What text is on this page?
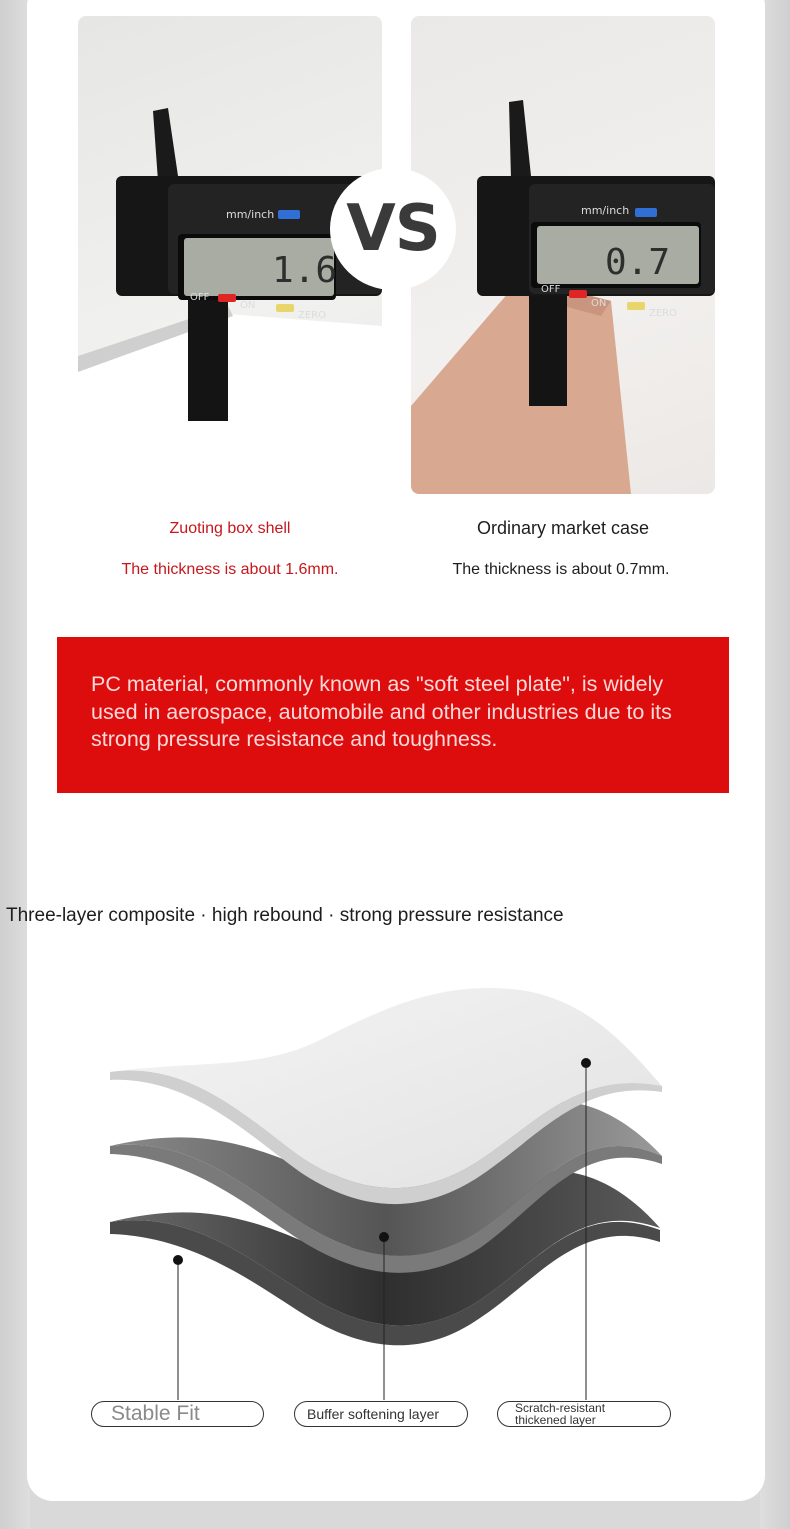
mm/inch
1.6
OFF
ON
ZERO
mm/inch
0.7
OFF
ON
ZERO
VS
Zuoting box shell
The thickness is about 1.6mm.
Ordinary market case
The thickness is about 0.7mm.
PC material, commonly known as "soft steel plate", is widely used in aerospace, automobile and other industries due to its strong pressure resistance and toughness.
Three-layer composite · high rebound · strong pressure resistance
Stable Fit	Buffer softening layer	Scratch-resistant
thickened layer
